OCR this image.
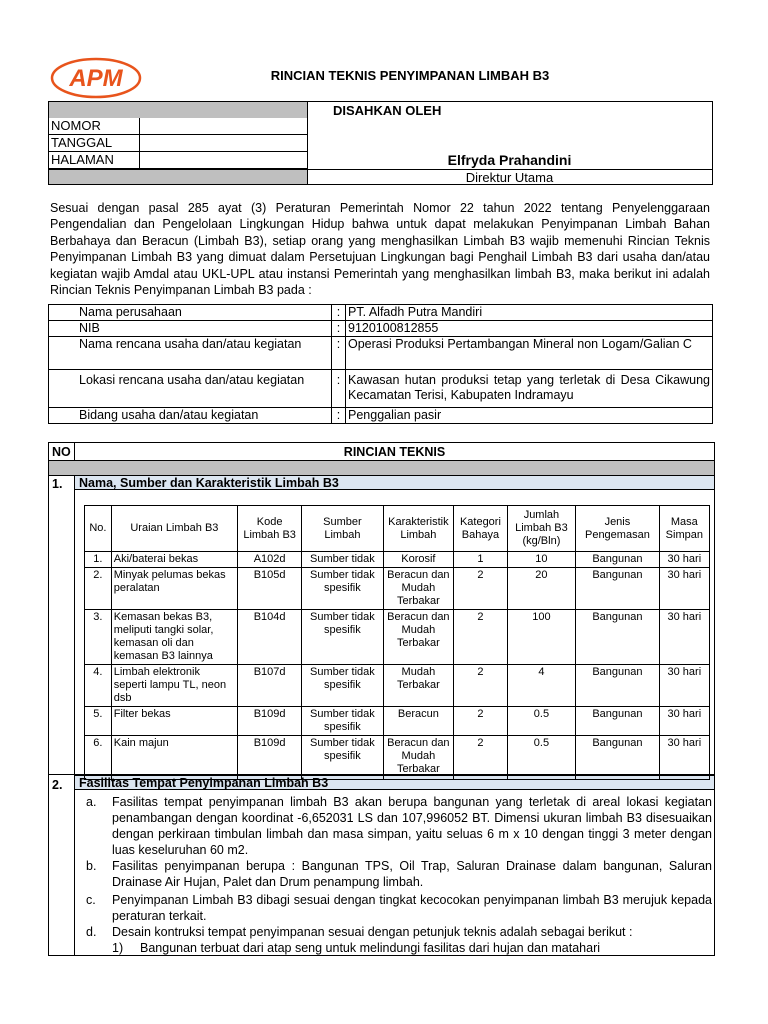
APM	RINCIAN TEKNIS PENYIMPANAN LIMBAH B3
NOMOR
TANGGAL
HALAMAN
DISAHKAN OLEH
Elfryda Prahandini
Direktur Utama
Sesuai dengan pasal 285 ayat (3) Peraturan Pemerintah Nomor 22 tahun 2022 tentang Penyelenggaraan Pengendalian dan Pengelolaan Lingkungan Hidup bahwa untuk dapat melakukan Penyimpanan Limbah Bahan Berbahaya dan Beracun (Limbah B3), setiap orang yang menghasilkan Limbah B3 wajib memenuhi Rincian Teknis Penyimpanan Limbah B3 yang dimuat dalam Persetujuan Lingkungan bagi Penghail Limbah B3 dari usaha dan/atau kegiatan wajib Amdal atau UKL-UPL atau instansi Pemerintah yang menghasilkan limbah B3, maka berikut ini adalah Rincian Teknis Penyimpanan Limbah B3 pada :
Nama perusahaan	:	PT. Alfadh Putra Mandiri
NIB	:	9120100812855
Nama rencana usaha dan/atau kegiatan	:	Operasi Produksi Pertambangan Mineral non Logam/Galian C
Lokasi rencana usaha dan/atau kegiatan	:	Kawasan hutan produksi tetap yang terletak di Desa Cikawung Kecamatan Terisi, Kabupaten Indramayu
Bidang usaha dan/atau kegiatan	:	Penggalian pasir
NO	RINCIAN TEKNIS
1. Nama, Sumber dan Karakteristik Limbah B3
2. Fasilitas Tempat Penyimpanan Limbah B3
No.	Uraian Limbah B3	Kode Limbah B3	Sumber Limbah	Karakteristik Limbah	Kategori Bahaya	Jumlah Limbah B3 (kg/Bln)	Jenis Pengemasan	Masa Simpan
1.	Aki/baterai bekas	A102d	Sumber tidak	Korosif	1	10	Bangunan	30 hari
2.	Minyak pelumas bekas peralatan	B105d	Sumber tidak spesifik	Beracun dan Mudah Terbakar	2	20	Bangunan	30 hari
3.	Kemasan bekas B3, meliputi tangki solar, kemasan oli dan kemasan B3 lainnya	B104d	Sumber tidak spesifik	Beracun dan Mudah Terbakar	2	100	Bangunan	30 hari
4.	Limbah elektronik seperti lampu TL, neon dsb	B107d	Sumber tidak spesifik	Mudah Terbakar	2	4	Bangunan	30 hari
5.	Filter bekas	B109d	Sumber tidak spesifik	Beracun	2	0.5	Bangunan	30 hari
6.	Kain majun	B109d	Sumber tidak spesifik	Beracun dan Mudah Terbakar	2	0.5	Bangunan	30 hari
a. Fasilitas tempat penyimpanan limbah B3 akan berupa bangunan yang terletak di areal lokasi kegiatan penambangan dengan koordinat -6,652031 LS dan 107,996052 BT. Dimensi ukuran limbah B3 disesuaikan dengan perkiraan timbulan limbah dan masa simpan, yaitu seluas 6 m x 10 dengan tinggi 3 meter dengan luas keseluruhan 60 m2.
b. Fasilitas penyimpanan berupa : Bangunan TPS, Oil Trap, Saluran Drainase dalam bangunan, Saluran Drainase Air Hujan, Palet dan Drum penampung limbah.
c. Penyimpanan Limbah B3 dibagi sesuai dengan tingkat kecocokan penyimpanan limbah B3 merujuk kepada peraturan terkait.
d. Desain kontruksi tempat penyimpanan sesuai dengan petunjuk teknis adalah sebagai berikut :
1) Bangunan terbuat dari atap seng untuk melindungi fasilitas dari hujan dan matahari
